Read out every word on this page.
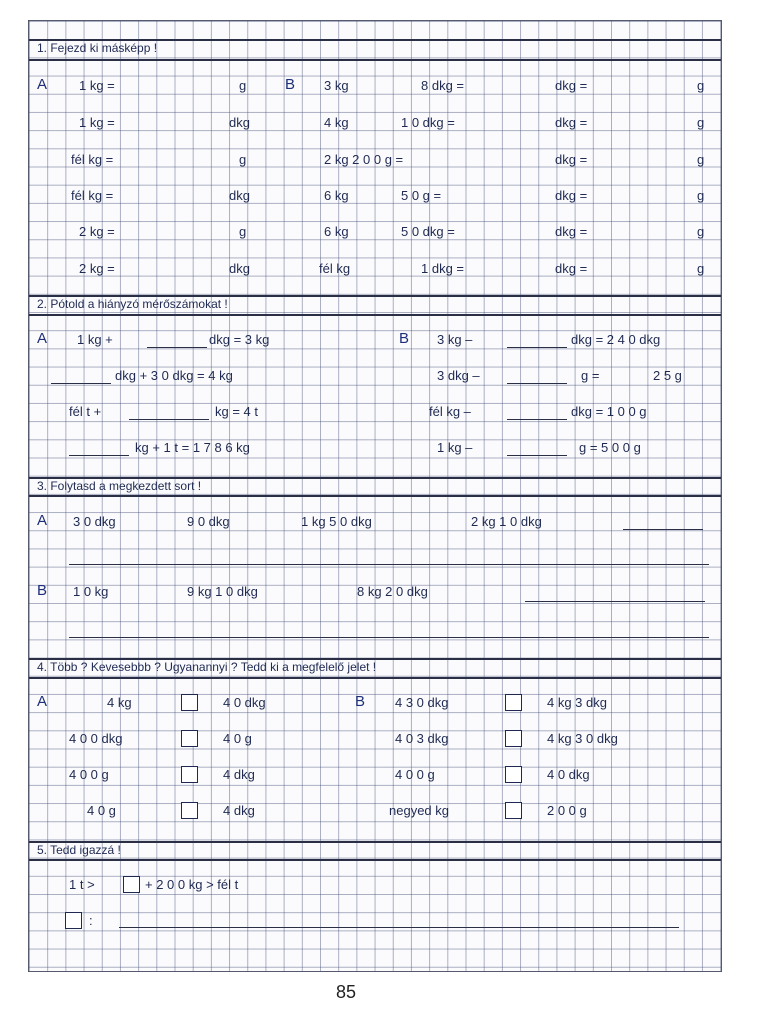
1. Fejezd ki másképp !
A 1 kg =	g	B 3 kg	8 dkg =	dkg =	g
1 kg =	dkg	4 kg	1 0 dkg =	dkg =	g
fél kg =	g	2 kg 2 0 0 g =	dkg =	g
fél kg =	dkg	6 kg	5 0 g =	dkg =	g
2 kg =	g	6 kg	5 0 dkg =	dkg =	g
2 kg =	dkg	fél kg	1 dkg =	dkg =	g
2. Pótold a hiányzó mérőszámokat !
A 1 kg +	dkg = 3 kg	B 3 kg –	dkg = 2 4 0 dkg
dkg + 3 0 dkg = 4 kg	3 dkg –	g =	2 5 g
fél t +	kg = 4 t	fél kg –	dkg = 1 0 0 g
kg + 1 t = 1 7 8 6 kg	1 kg –	g = 5 0 0 g
3. Folytasd a megkezdett sort !
A 3 0 dkg	9 0 dkg	1 kg 5 0 dkg	2 kg 1 0 dkg
B 1 0 kg	9 kg 1 0 dkg	8 kg 2 0 dkg
4. Több ? Kevesebbb ? Ugyanannyi ? Tedd ki a megfelelő jelet !
A	4 kg	4 0 dkg	B 4 3 0 dkg	4 kg 3 dkg
4 0 0 dkg	4 0 g	4 0 3 dkg	4 kg 3 0 dkg
4 0 0 g	4 dkg	4 0 0 g	4 0 dkg
4 0 g	4 dkg	negyed kg	2 0 0 g
5. Tedd igazzá !
1 t >	+ 2 0 0 kg > fél t
:
85
